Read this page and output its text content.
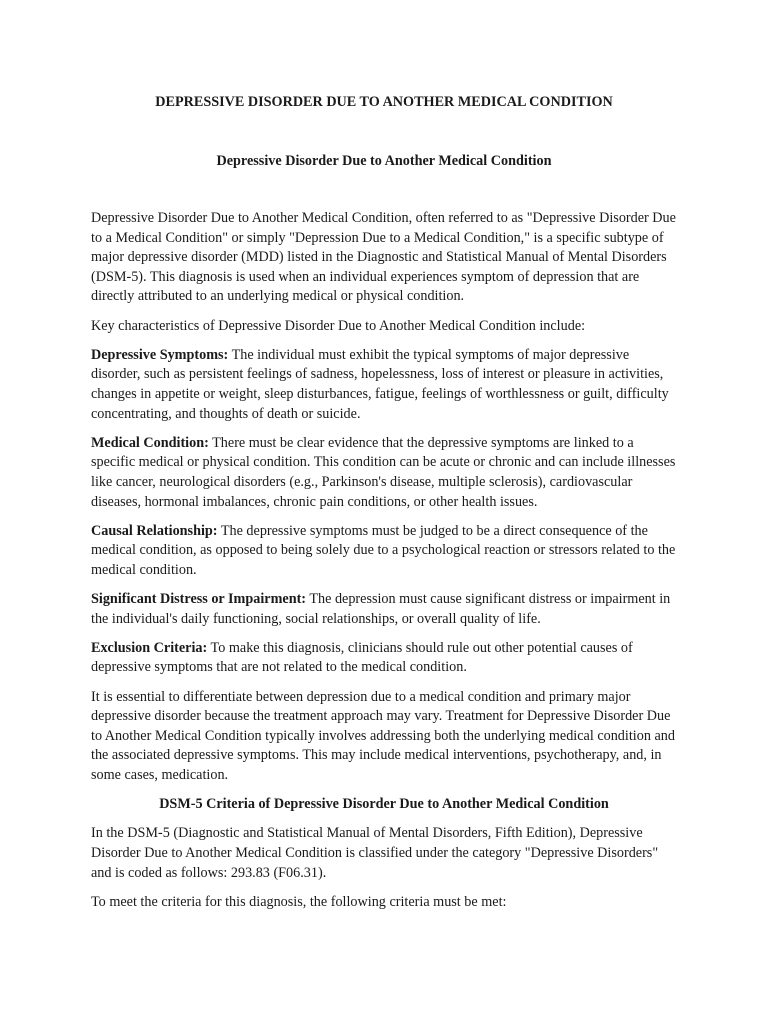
DEPRESSIVE DISORDER DUE TO ANOTHER MEDICAL CONDITION
Depressive Disorder Due to Another Medical Condition

Depressive Disorder Due to Another Medical Condition, often referred to as "Depressive Disorder Due to a Medical Condition" or simply "Depression Due to a Medical Condition," is a specific subtype of major depressive disorder (MDD) listed in the Diagnostic and Statistical Manual of Mental Disorders (DSM-5). This diagnosis is used when an individual experiences symptom of depression that are directly attributed to an underlying medical or physical condition.

Key characteristics of Depressive Disorder Due to Another Medical Condition include:

Depressive Symptoms: The individual must exhibit the typical symptoms of major depressive disorder, such as persistent feelings of sadness, hopelessness, loss of interest or pleasure in activities, changes in appetite or weight, sleep disturbances, fatigue, feelings of worthlessness or guilt, difficulty concentrating, and thoughts of death or suicide.

Medical Condition: There must be clear evidence that the depressive symptoms are linked to a specific medical or physical condition. This condition can be acute or chronic and can include illnesses like cancer, neurological disorders (e.g., Parkinson's disease, multiple sclerosis), cardiovascular diseases, hormonal imbalances, chronic pain conditions, or other health issues.

Causal Relationship: The depressive symptoms must be judged to be a direct consequence of the medical condition, as opposed to being solely due to a psychological reaction or stressors related to the medical condition.

Significant Distress or Impairment: The depression must cause significant distress or impairment in the individual's daily functioning, social relationships, or overall quality of life.

Exclusion Criteria: To make this diagnosis, clinicians should rule out other potential causes of depressive symptoms that are not related to the medical condition.

It is essential to differentiate between depression due to a medical condition and primary major depressive disorder because the treatment approach may vary. Treatment for Depressive Disorder Due to Another Medical Condition typically involves addressing both the underlying medical condition and the associated depressive symptoms. This may include medical interventions, psychotherapy, and, in some cases, medication.

DSM-5 Criteria of Depressive Disorder Due to Another Medical Condition

In the DSM-5 (Diagnostic and Statistical Manual of Mental Disorders, Fifth Edition), Depressive Disorder Due to Another Medical Condition is classified under the category "Depressive Disorders" and is coded as follows: 293.83 (F06.31).

To meet the criteria for this diagnosis, the following criteria must be met:
